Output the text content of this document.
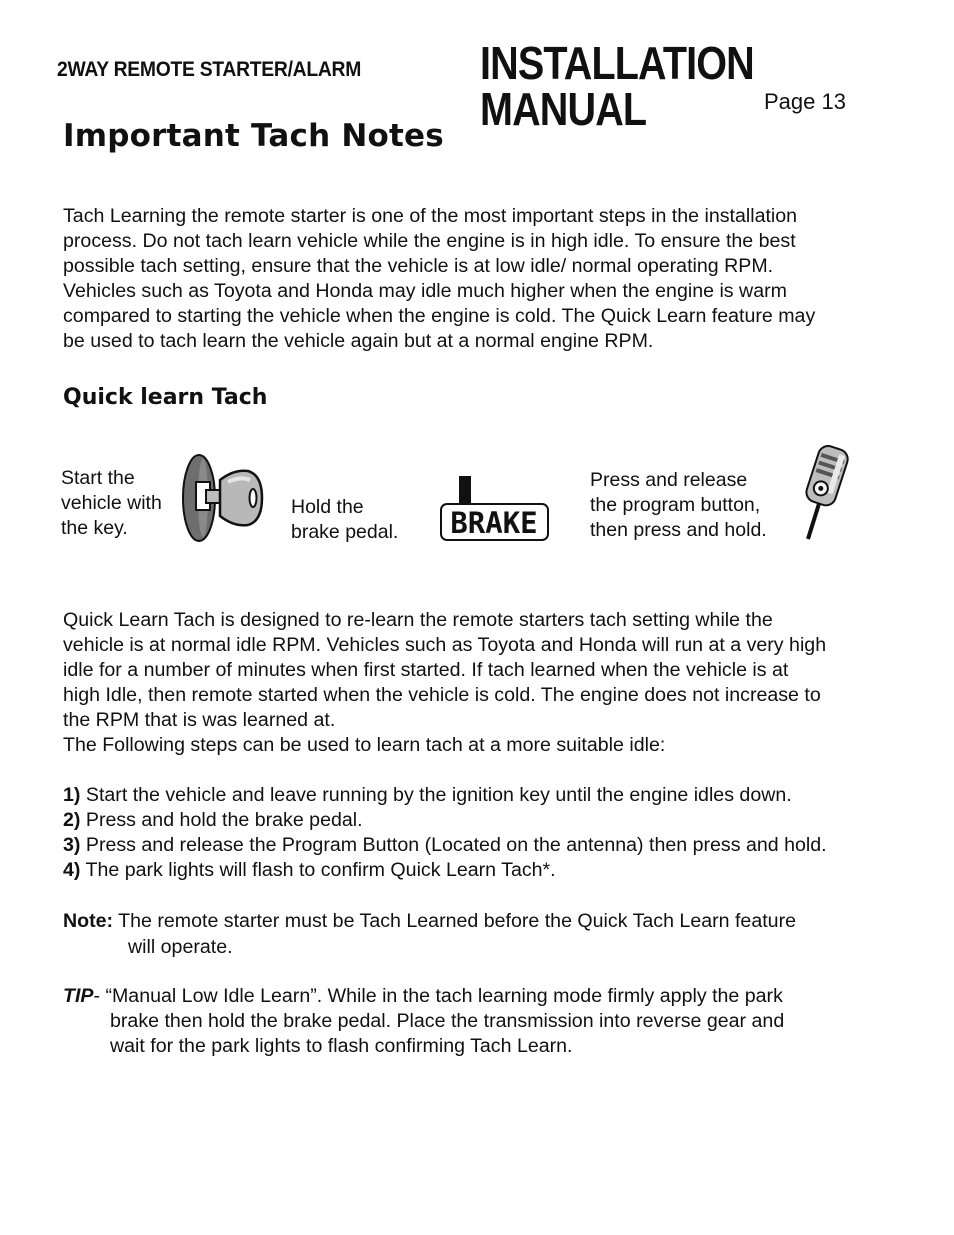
2WAY REMOTE STARTER/ALARM	INSTALLATION MANUAL	Page 13
Important Tach Notes
Tach Learning the remote starter is one of the most important steps in the installation
process. Do not tach learn vehicle while the engine is in high idle. To ensure the best
possible tach setting, ensure that the vehicle is at low idle/ normal operating RPM.
Vehicles such as Toyota and Honda may idle much higher when the engine is warm
compared to starting the vehicle when the engine is cold. The Quick Learn feature may
be used to tach learn the vehicle again but at a normal engine RPM.
Quick learn Tach
Start the
vehicle with
the key.
Hold the
brake pedal. BRAKE
Press and release
the program button,
then press and hold.
Quick Learn Tach is designed to re-learn the remote starters tach setting while the
vehicle is at normal idle RPM. Vehicles such as Toyota and Honda will run at a very high
idle for a number of minutes when first started. If tach learned when the vehicle is at
high Idle, then remote started when the vehicle is cold. The engine does not increase to
the RPM that is was learned at.
The Following steps can be used to learn tach at a more suitable idle:
1) Start the vehicle and leave running by the ignition key until the engine idles down.
2) Press and hold the brake pedal.
3) Press and release the Program Button (Located on the antenna) then press and hold.
4) The park lights will flash to confirm Quick Learn Tach*.
Note: The remote starter must be Tach Learned before the Quick Tach Learn feature
will operate.
TIP- “Manual Low Idle Learn”. While in the tach learning mode firmly apply the park
brake then hold the brake pedal. Place the transmission into reverse gear and
wait for the park lights to flash confirming Tach Learn.
